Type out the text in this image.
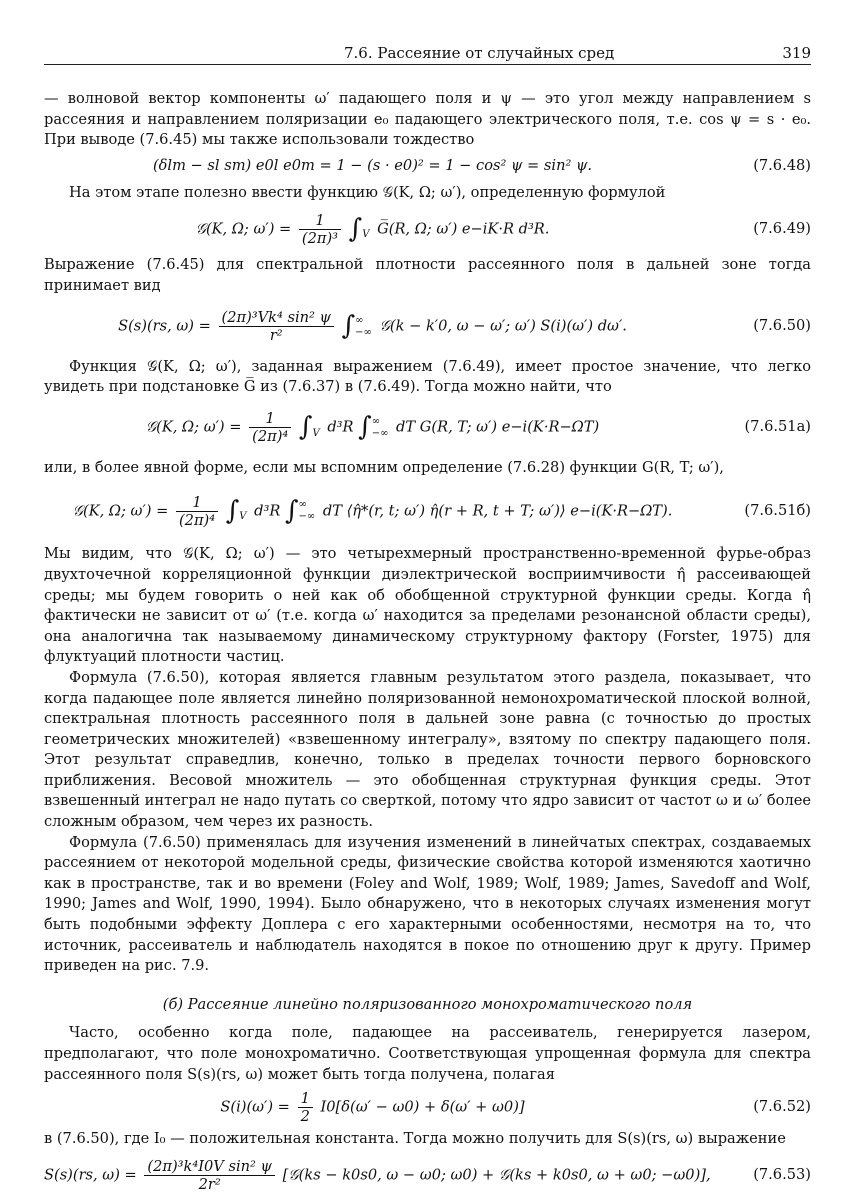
7.6. Рассеяние от случайных сред	319

— волновой вектор компоненты ω′ падающего поля и ψ — это угол между направлением s рассеяния и направлением поляризации e₀ падающего электрического поля, т.е. cos ψ = s · e₀. При выводе (7.6.45) мы также использовали тождество

(δlm − sl sm) e0l e0m = 1 − (s · e0)² = 1 − cos² ψ = sin² ψ.	(7.6.48)

На этом этапе полезно ввести функцию 𝒢(K, Ω; ω′), определенную формулой

𝒢(K, Ω; $\omega') = \frac{1}{\text{(2π)³}}$ ∫
V G̅(R, Ω; ω′) e−iK·R d³R.	(7.6.49)

Выражение (7.6.45) для спектральной плотности рассеянного поля в дальней зоне тогда принимает вид

S(s)(rs, $\omega) = \frac{\text{(2π)³Vk⁴ sin² ψ}}{\text{r²}}$ ∫∞
−∞ 𝒢(k − k′0, ω − ω′; ω′) S(i)(ω′) dω′.	(7.6.50)

Функция 𝒢(K, Ω; ω′), заданная выражением (7.6.49), имеет простое значение, что легко увидеть при подстановке G̅ из (7.6.37) в (7.6.49). Тогда можно найти, что

𝒢(K, Ω; $\omega') = \frac{1}{\text{(2π)⁴}}$ ∫
V d³R ∫∞
−∞ dT G(R, T; ω′) e−i(K·R−ΩT)	(7.6.51а)

или, в более явной форме, если мы вспомним определение (7.6.28) функции G(R, T; ω′),

𝒢(K, Ω; $\omega') = \frac{1}{\text{(2π)⁴}}$ ∫
V d³R ∫∞
−∞ dT ⟨η̂*(r, t; ω′) η̂(r + R, t + T; ω′)⟩ e−i(K·R−ΩT).	(7.6.51б)

Мы видим, что 𝒢(K, Ω; ω′) — это четырехмерный пространственно-временной фурье-образ двухточечной корреляционной функции диэлектрической восприимчивости η̂ рассеивающей среды; мы будем говорить о ней как об обобщенной структурной функции среды. Когда η̂ фактически не зависит от ω′ (т.е. когда ω′ находится за пределами резонансной области среды), она аналогична так называемому динамическому структурному фактору (Forster, 1975) для флуктуаций плотности частиц.

Формула (7.6.50), которая является главным результатом этого раздела, показывает, что когда падающее поле является линейно поляризованной немонохроматической плоской волной, спектральная плотность рассеянного поля в дальней зоне равна (с точностью до простых геометрических множителей) «взвешенному интегралу», взятому по спектру падающего поля. Этот результат справедлив, конечно, только в пределах точности первого борновского приближения. Весовой множитель — это обобщенная структурная функция среды. Этот взвешенный интеграл не надо путать со сверткой, потому что ядро зависит от частот ω и ω′ более сложным образом, чем через их разность.

Формула (7.6.50) применялась для изучения изменений в линейчатых спектрах, создаваемых рассеянием от некоторой модельной среды, физические свойства которой изменяются хаотично как в пространстве, так и во времени (Foley and Wolf, 1989; Wolf, 1989; James, Savedoff and Wolf, 1990; James and Wolf, 1990, 1994). Было обнаружено, что в некоторых случаях изменения могут быть подобными эффекту Доплера с его характерными особенностями, несмотря на то, что источник, рассеиватель и наблюдатель находятся в покое по отношению друг к другу. Пример приведен на рис. 7.9.

(б) Рассеяние линейно поляризованного монохроматического поля

Часто, особенно когда поле, падающее на рассеиватель, генерируется лазером, предполагают, что поле монохроматично. Соответствующая упрощенная формула для спектра рассеянного поля S(s)(rs, ω) может быть тогда получена, полагая

$S(i)(\omega') = \frac{1}{2} I0[\delta(\omega' - \omega 0) + \delta(\omega' + \omega 0)]$	(7.6.52)

в (7.6.50), где I₀ — положительная константа. Тогда можно получить для S(s)(rs, ω) выражение

S(s)(rs, $\omega) = \frac{\text{(2π)³k⁴I0V sin² ψ}}{\text{2r²}}$ [𝒢(ks − k0s0, ω − ω0; ω0) + 𝒢(ks + k0s0, ω + ω0; −ω0)],	(7.6.53)
